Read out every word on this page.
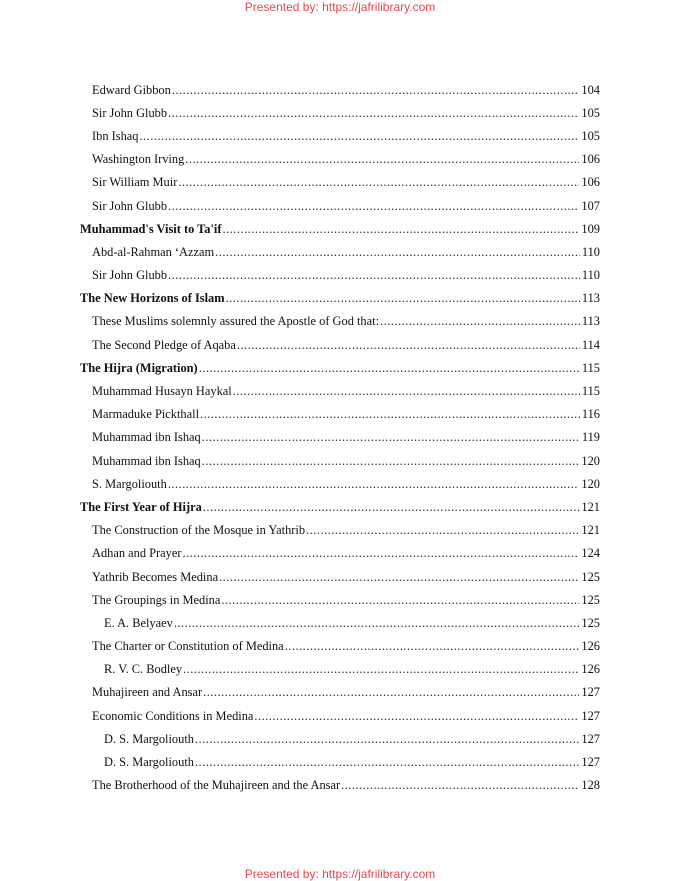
Presented by: https://jafrilibrary.com
Edward Gibbon .....	104
Sir John Glubb .....	105
Ibn Ishaq .....	105
Washington Irving .....	106
Sir William Muir .....	106
Sir John Glubb .....	107
Muhammad's Visit to Ta'if .....	109
Abd-al-Rahman ‘Azzam .....	110
Sir John Glubb .....	110
The New Horizons of Islam .....	113
These Muslims solemnly assured the Apostle of God that: .....	113
The Second Pledge of Aqaba .....	114
The Hijra (Migration) .....	115
Muhammad Husayn Haykal .....	115
Marmaduke Pickthall .....	116
Muhammad ibn Ishaq .....	119
Muhammad ibn Ishaq .....	120
S. Margoliouth .....	120
The First Year of Hijra .....	121
The Construction of the Mosque in Yathrib .....	121
Adhan and Prayer .....	124
Yathrib Becomes Medina .....	125
The Groupings in Medina .....	125
E. A. Belyaev .....	125
The Charter or Constitution of Medina .....	126
R. V. C. Bodley .....	126
Muhajireen and Ansar .....	127
Economic Conditions in Medina .....	127
D. S. Margoliouth .....	127
D. S. Margoliouth .....	127
The Brotherhood of the Muhajireen and the Ansar .....	128
Presented by: https://jafrilibrary.com
